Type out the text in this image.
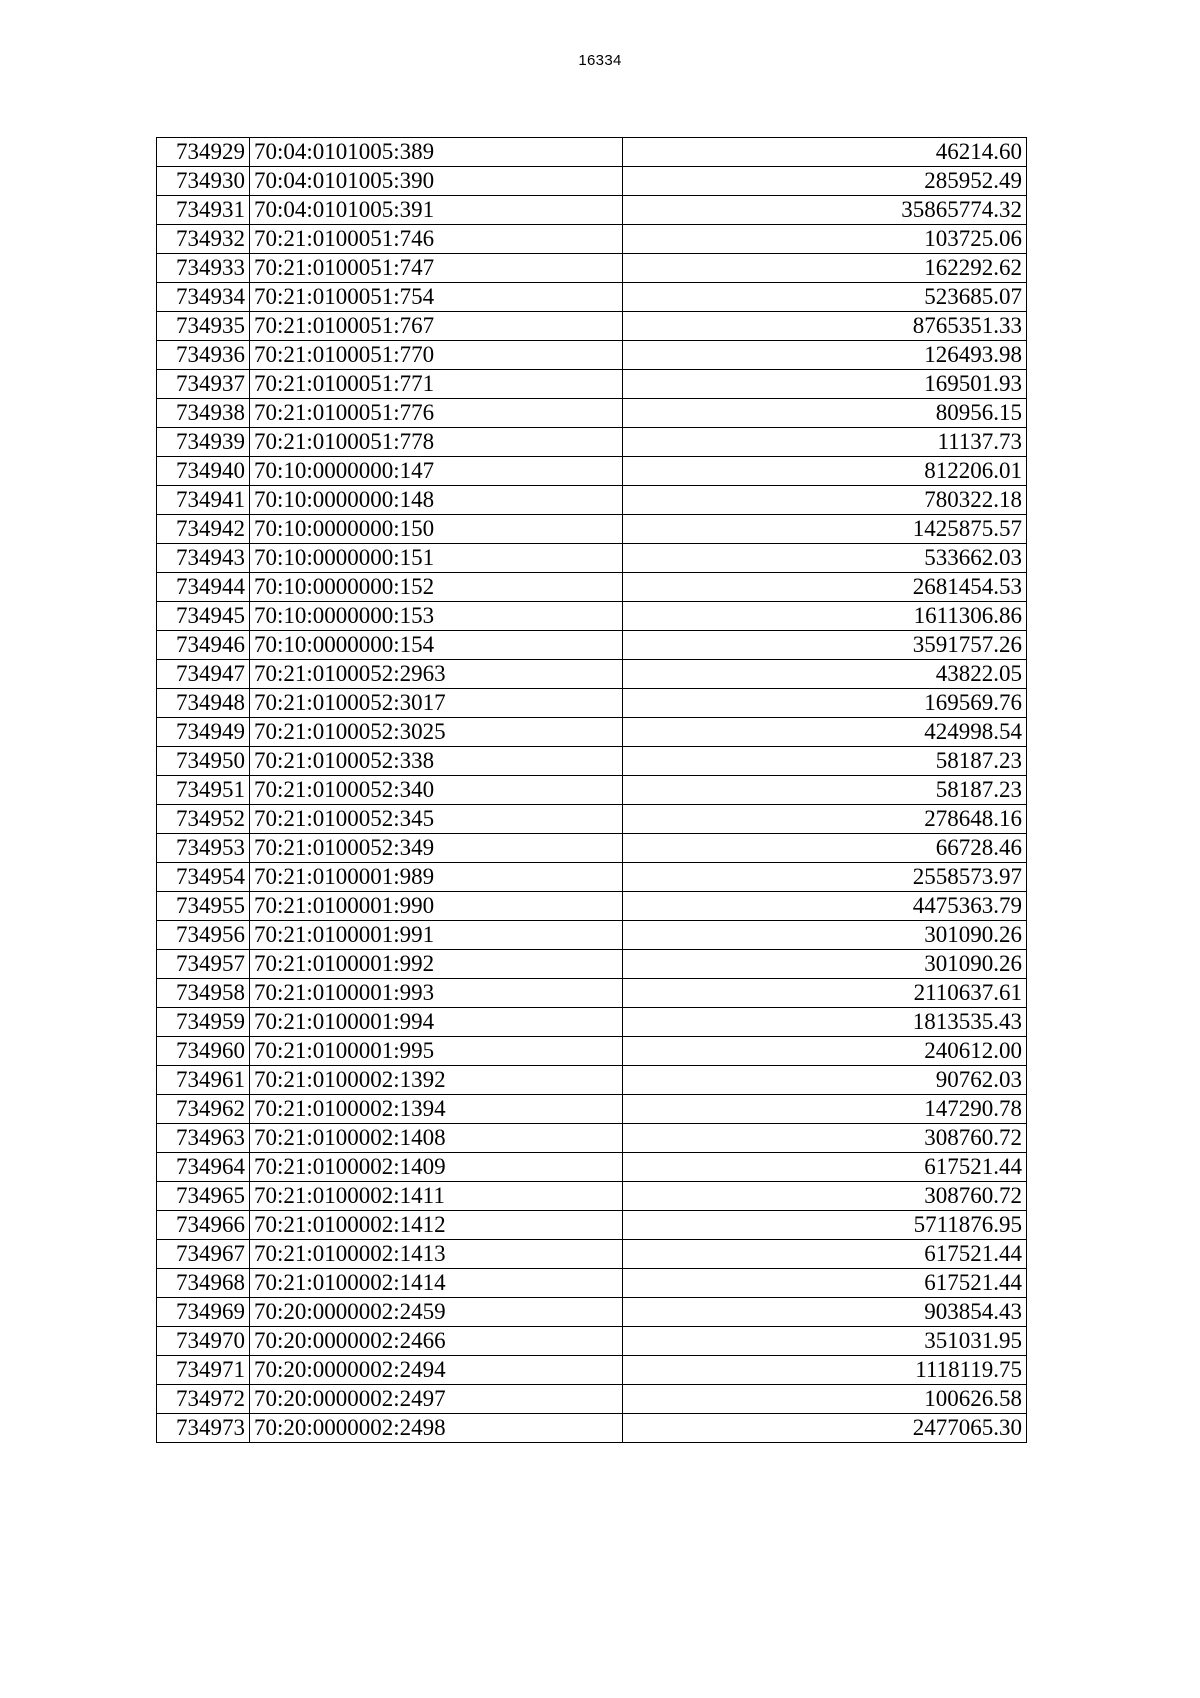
16334
734929	70:04:0101005:389	46214.60
734930	70:04:0101005:390	285952.49
734931	70:04:0101005:391	35865774.32
734932	70:21:0100051:746	103725.06
734933	70:21:0100051:747	162292.62
734934	70:21:0100051:754	523685.07
734935	70:21:0100051:767	8765351.33
734936	70:21:0100051:770	126493.98
734937	70:21:0100051:771	169501.93
734938	70:21:0100051:776	80956.15
734939	70:21:0100051:778	11137.73
734940	70:10:0000000:147	812206.01
734941	70:10:0000000:148	780322.18
734942	70:10:0000000:150	1425875.57
734943	70:10:0000000:151	533662.03
734944	70:10:0000000:152	2681454.53
734945	70:10:0000000:153	1611306.86
734946	70:10:0000000:154	3591757.26
734947	70:21:0100052:2963	43822.05
734948	70:21:0100052:3017	169569.76
734949	70:21:0100052:3025	424998.54
734950	70:21:0100052:338	58187.23
734951	70:21:0100052:340	58187.23
734952	70:21:0100052:345	278648.16
734953	70:21:0100052:349	66728.46
734954	70:21:0100001:989	2558573.97
734955	70:21:0100001:990	4475363.79
734956	70:21:0100001:991	301090.26
734957	70:21:0100001:992	301090.26
734958	70:21:0100001:993	2110637.61
734959	70:21:0100001:994	1813535.43
734960	70:21:0100001:995	240612.00
734961	70:21:0100002:1392	90762.03
734962	70:21:0100002:1394	147290.78
734963	70:21:0100002:1408	308760.72
734964	70:21:0100002:1409	617521.44
734965	70:21:0100002:1411	308760.72
734966	70:21:0100002:1412	5711876.95
734967	70:21:0100002:1413	617521.44
734968	70:21:0100002:1414	617521.44
734969	70:20:0000002:2459	903854.43
734970	70:20:0000002:2466	351031.95
734971	70:20:0000002:2494	1118119.75
734972	70:20:0000002:2497	100626.58
734973	70:20:0000002:2498	2477065.30
